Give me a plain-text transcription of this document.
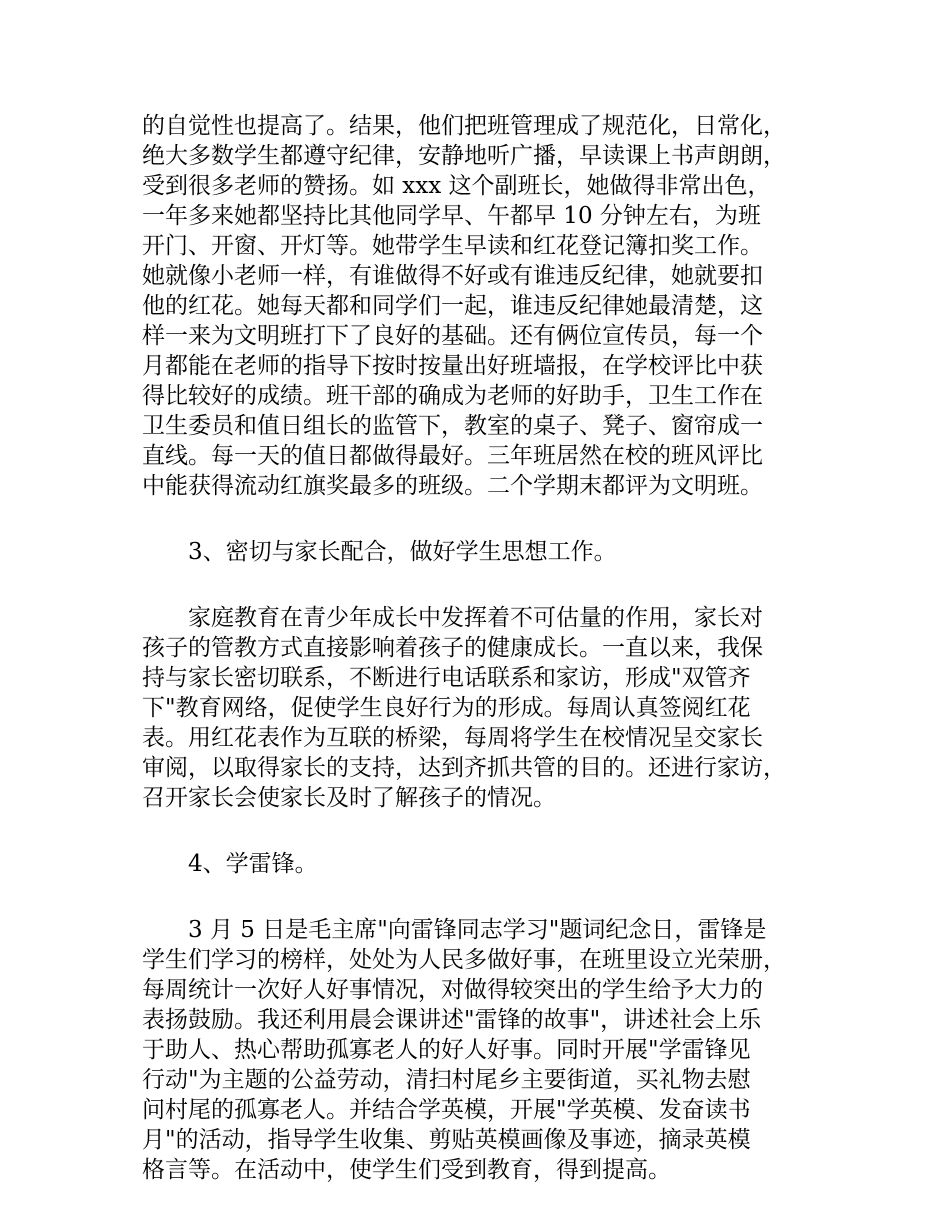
的自觉性也提高了。结果，他们把班管理成了规范化，日常化，
绝大多数学生都遵守纪律，安静地听广播，早读课上书声朗朗，
受到很多老师的赞扬。如 xxx 这个副班长，她做得非常出色，
一年多来她都坚持比其他同学早、午都早 10 分钟左右，为班
开门、开窗、开灯等。她带学生早读和红花登记簿扣奖工作。
她就像小老师一样，有谁做得不好或有谁违反纪律，她就要扣
他的红花。她每天都和同学们一起，谁违反纪律她最清楚，这
样一来为文明班打下了良好的基础。还有俩位宣传员，每一个
月都能在老师的指导下按时按量出好班墙报，在学校评比中获
得比较好的成绩。班干部的确成为老师的好助手，卫生工作在
卫生委员和值日组长的监管下，教室的桌子、凳子、窗帘成一
直线。每一天的值日都做得最好。三年班居然在校的班风评比
中能获得流动红旗奖最多的班级。二个学期末都评为文明班。
3、密切与家长配合，做好学生思想工作。
家庭教育在青少年成长中发挥着不可估量的作用，家长对
孩子的管教方式直接影响着孩子的健康成长。一直以来，我保
持与家长密切联系，不断进行电话联系和家访，形成"双管齐
下"教育网络，促使学生良好行为的形成。每周认真签阅红花
表。用红花表作为互联的桥梁，每周将学生在校情况呈交家长
审阅，以取得家长的支持，达到齐抓共管的目的。还进行家访，
召开家长会使家长及时了解孩子的情况。
4、学雷锋。
3 月 5 日是毛主席"向雷锋同志学习"题词纪念日，雷锋是
学生们学习的榜样，处处为人民多做好事，在班里设立光荣册，
每周统计一次好人好事情况，对做得较突出的学生给予大力的
表扬鼓励。我还利用晨会课讲述"雷锋的故事"，讲述社会上乐
于助人、热心帮助孤寡老人的好人好事。同时开展"学雷锋见
行动"为主题的公益劳动，清扫村尾乡主要街道，买礼物去慰
问村尾的孤寡老人。并结合学英模，开展"学英模、发奋读书
月"的活动，指导学生收集、剪贴英模画像及事迹，摘录英模
格言等。在活动中，使学生们受到教育，得到提高。
